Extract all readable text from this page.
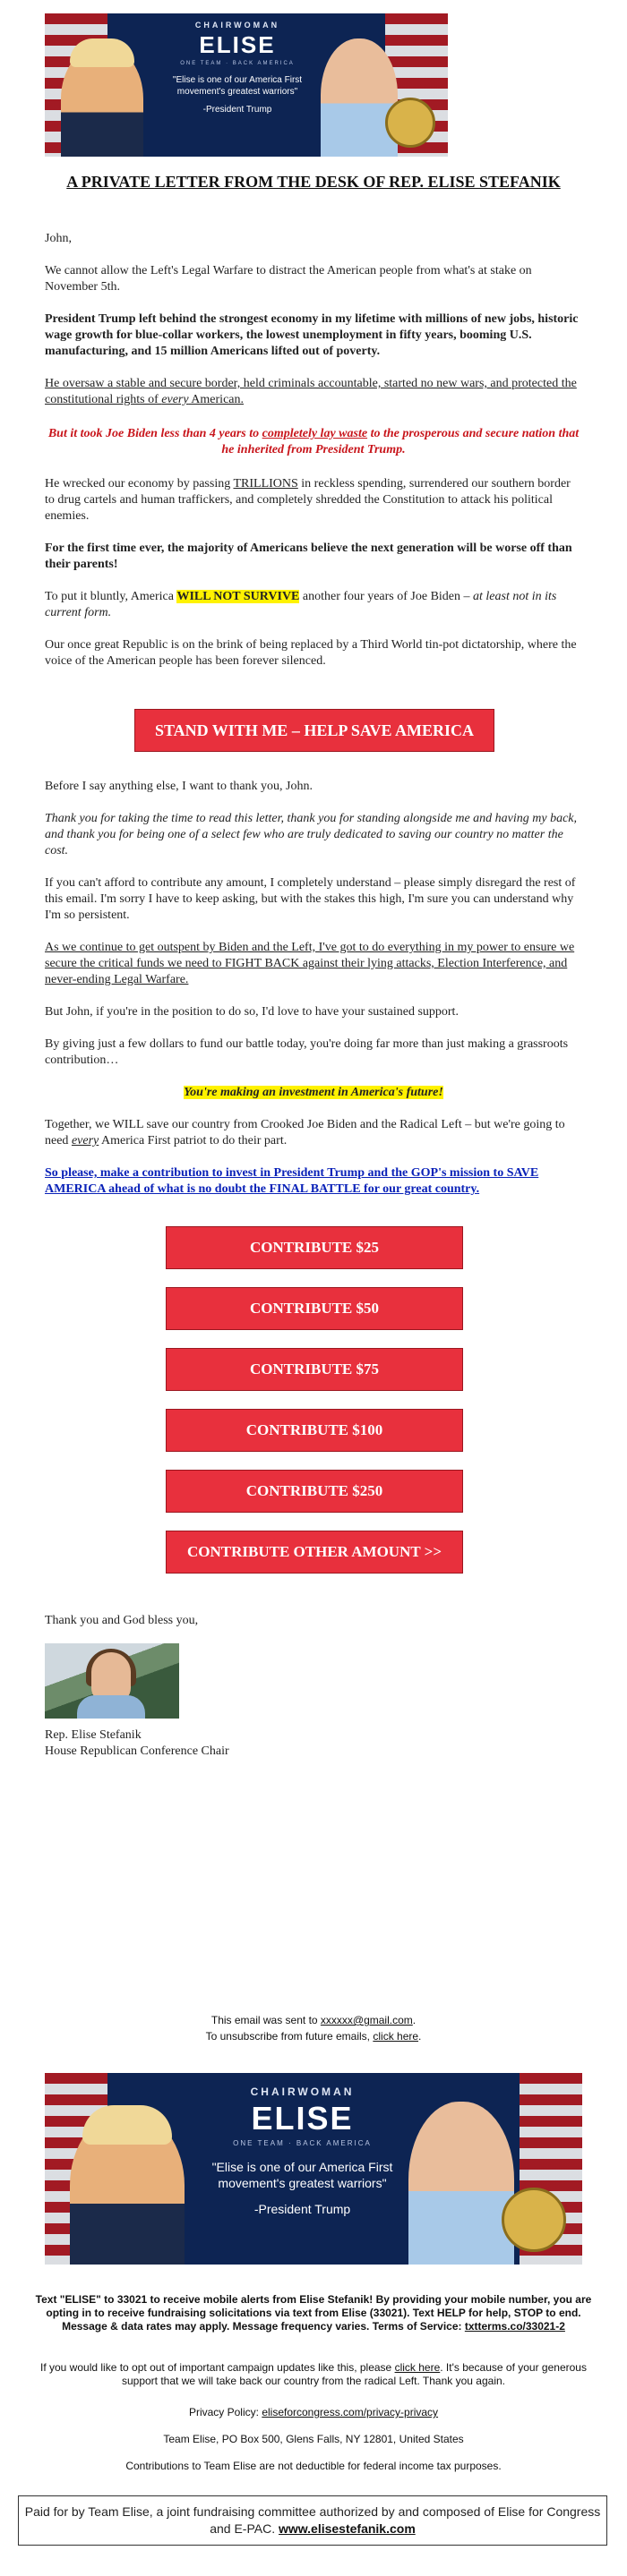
CHAIRWOMAN
ELISE
ONE TEAM · BACK AMERICA
"Elise is one of our America First movement's greatest warriors"
-President Trump
A PRIVATE LETTER FROM THE DESK OF REP. ELISE STEFANIK

John,

We cannot allow the Left's Legal Warfare to distract the American people from what's at stake on November 5th.

President Trump left behind the strongest economy in my lifetime with millions of new jobs, historic wage growth for blue-collar workers, the lowest unemployment in fifty years, booming U.S. manufacturing, and 15 million Americans lifted out of poverty.

He oversaw a stable and secure border, held criminals accountable, started no new wars, and protected the constitutional rights of every American.

But it took Joe Biden less than 4 years to completely lay waste to the prosperous and secure nation that he inherited from President Trump.

He wrecked our economy by passing TRILLIONS in reckless spending, surrendered our southern border to drug cartels and human traffickers, and completely shredded the Constitution to attack his political enemies.

For the first time ever, the majority of Americans believe the next generation will be worse off than their parents!

To put it bluntly, America WILL NOT SURVIVE another four years of Joe Biden – at least not in its current form.

Our once great Republic is on the brink of being replaced by a Third World tin-pot dictatorship, where the voice of the American people has been forever silenced.

STAND WITH ME – HELP SAVE AMERICA

Before I say anything else, I want to thank you, John.

Thank you for taking the time to read this letter, thank you for standing alongside me and having my back, and thank you for being one of a select few who are truly dedicated to saving our country no matter the cost.

If you can't afford to contribute any amount, I completely understand – please simply disregard the rest of this email. I'm sorry I have to keep asking, but with the stakes this high, I'm sure you can understand why I'm so persistent.

As we continue to get outspent by Biden and the Left, I've got to do everything in my power to ensure we secure the critical funds we need to FIGHT BACK against their lying attacks, Election Interference, and never-ending Legal Warfare.

But John, if you're in the position to do so, I'd love to have your sustained support.

By giving just a few dollars to fund our battle today, you're doing far more than just making a grassroots contribution…

You're making an investment in America's future!

Together, we WILL save our country from Crooked Joe Biden and the Radical Left – but we're going to need every America First patriot to do their part.

So please, make a contribution to invest in President Trump and the GOP's mission to SAVE AMERICA ahead of what is no doubt the FINAL BATTLE for our great country.

CONTRIBUTE $25
CONTRIBUTE $50
CONTRIBUTE $75
CONTRIBUTE $100
CONTRIBUTE $250
CONTRIBUTE OTHER AMOUNT >>

Thank you and God bless you,

Rep. Elise Stefanik

House Republican Conference Chair

This email was sent to xxxxxx@gmail.com.
To unsubscribe from future emails, click here.
CHAIRWOMAN
ELISE
ONE TEAM · BACK AMERICA
"Elise is one of our America First movement's greatest warriors"
-President Trump
Text "ELISE" to 33021 to receive mobile alerts from Elise Stefanik! By providing your mobile number, you are opting in to receive fundraising solicitations via text from Elise (33021). Text HELP for help, STOP to end. Message & data rates may apply. Message frequency varies. Terms of Service: txtterms.co/33021-2
If you would like to opt out of important campaign updates like this, please click here. It's because of your generous support that we will take back our country from the radical Left. Thank you again.
Privacy Policy: eliseforcongress.com/privacy-privacy
Team Elise, PO Box 500, Glens Falls, NY 12801, United States
Contributions to Team Elise are not deductible for federal income tax purposes.
Paid for by Team Elise, a joint fundraising committee authorized by and composed of Elise for Congress and E-PAC. www.elisestefanik.com
